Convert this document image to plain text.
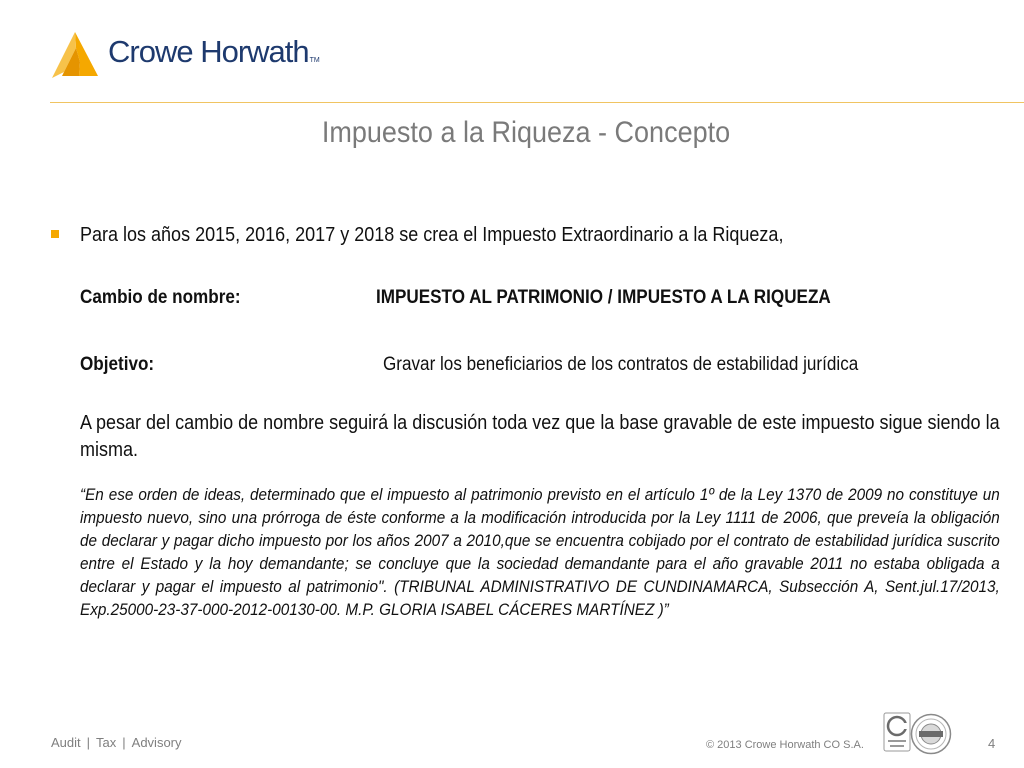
Crowe HorwathTM
Impuesto a la Riqueza - Concepto

Para los años 2015, 2016, 2017 y 2018 se crea el Impuesto Extraordinario a la Riqueza,

Cambio de nombre:	IMPUESTO AL PATRIMONIO / IMPUESTO A LA RIQUEZA
Objetivo:	Gravar los beneficiarios de los contratos de estabilidad jurídica

A pesar del cambio de nombre seguirá la discusión toda vez que la base gravable de este impuesto sigue siendo la misma.

“En ese orden de ideas, determinado que el impuesto al patrimonio previsto en el artículo 1º de la Ley 1370 de 2009 no constituye un impuesto nuevo, sino una prórroga de éste conforme a la modificación introducida por la Ley 1111 de 2006, que preveía la obligación de declarar y pagar dicho impuesto por los años 2007 a 2010,que se encuentra cobijado por el contrato de estabilidad jurídica suscrito entre el Estado y la hoy demandante; se concluye que la sociedad demandante para el año gravable 2011 no estaba obligada a declarar y pagar el impuesto al patrimonio". (TRIBUNAL ADMINISTRATIVO DE CUNDINAMARCA, Subsección A, Sent.jul.17/2013, Exp.25000-23-37-000-2012-00130-00. M.P. GLORIA ISABEL CÁCERES MARTÍNEZ )”

Audit | Tax | Advisory	© 2013 Crowe Horwath CO S.A.	4
